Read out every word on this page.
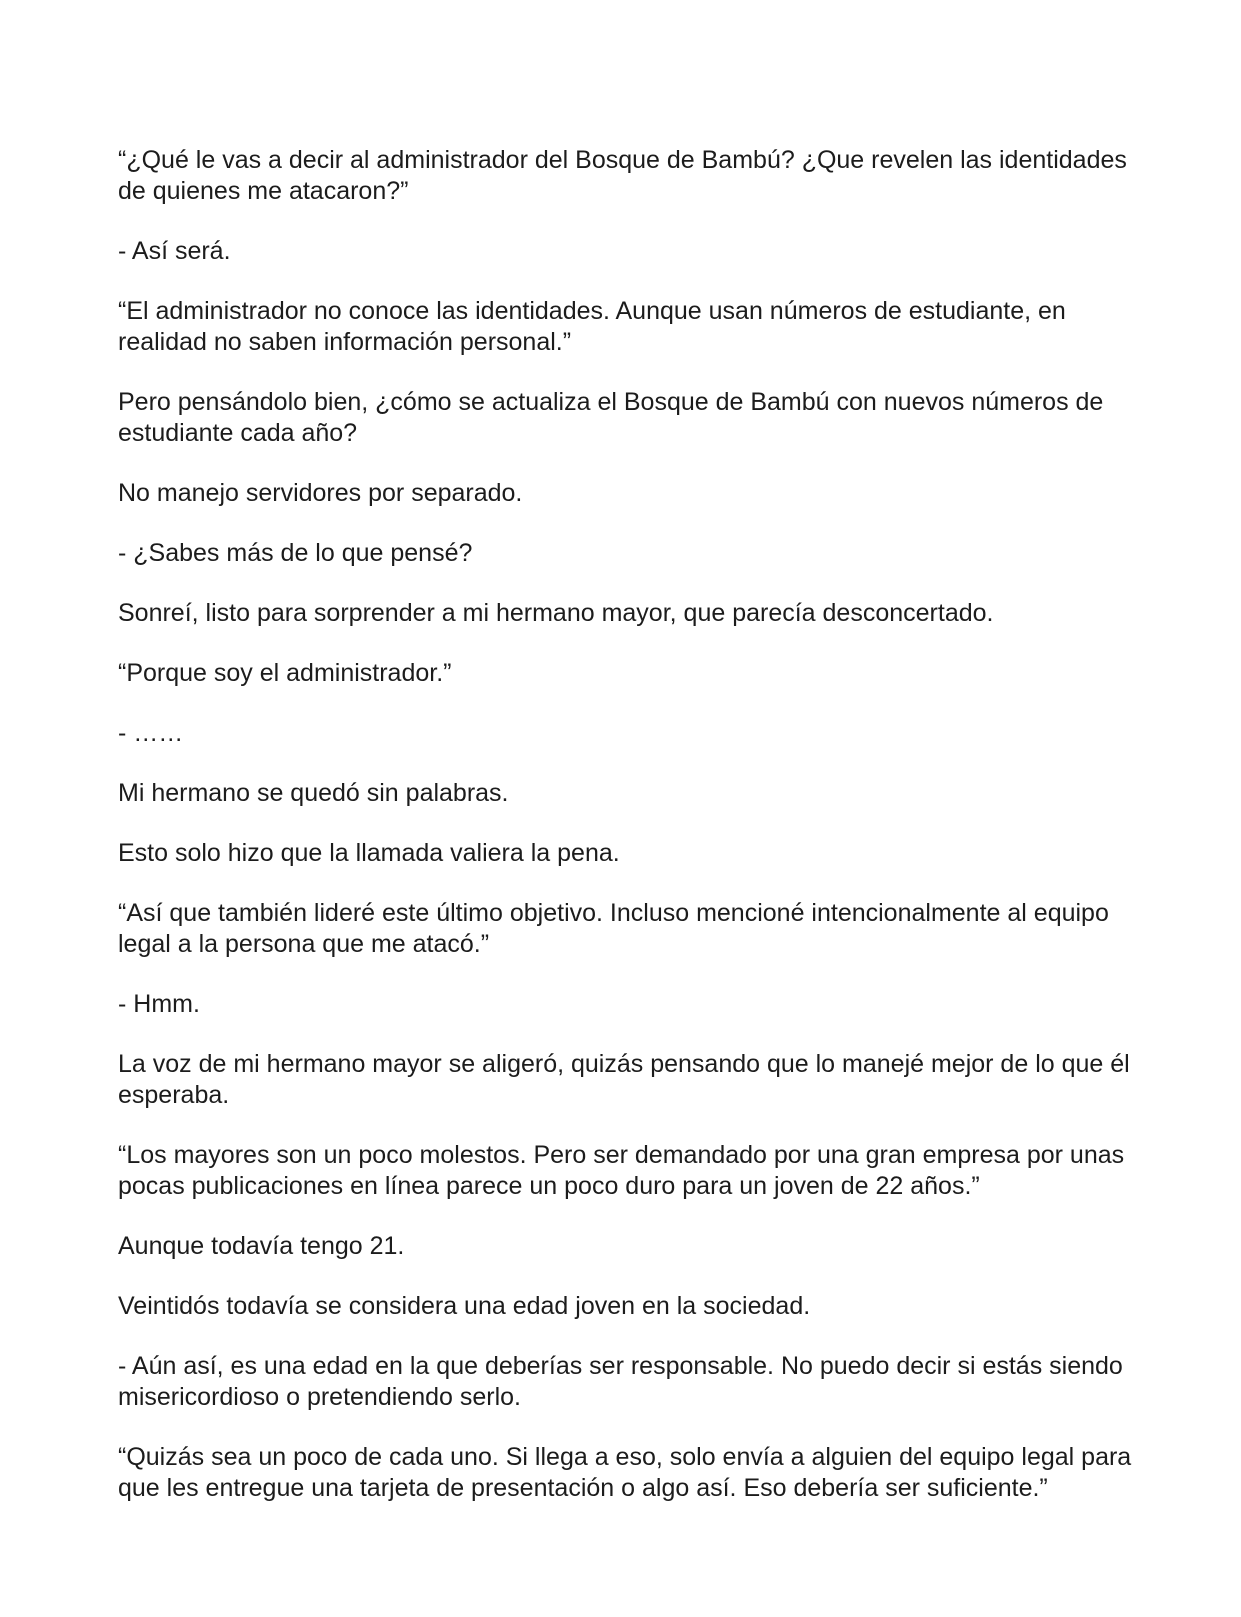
“¿Qué le vas a decir al administrador del Bosque de Bambú? ¿Que revelen las identidades de quienes me atacaron?”

- Así será.

“El administrador no conoce las identidades. Aunque usan números de estudiante, en realidad no saben información personal.”

Pero pensándolo bien, ¿cómo se actualiza el Bosque de Bambú con nuevos números de estudiante cada año?

No manejo servidores por separado.

- ¿Sabes más de lo que pensé?

Sonreí, listo para sorprender a mi hermano mayor, que parecía desconcertado.

“Porque soy el administrador.”

- ……

Mi hermano se quedó sin palabras.

Esto solo hizo que la llamada valiera la pena.

“Así que también lideré este último objetivo. Incluso mencioné intencionalmente al equipo legal a la persona que me atacó.”

- Hmm.

La voz de mi hermano mayor se aligeró, quizás pensando que lo manejé mejor de lo que él esperaba.

“Los mayores son un poco molestos. Pero ser demandado por una gran empresa por unas pocas publicaciones en línea parece un poco duro para un joven de 22 años.”

Aunque todavía tengo 21.

Veintidós todavía se considera una edad joven en la sociedad.

- Aún así, es una edad en la que deberías ser responsable. No puedo decir si estás siendo misericordioso o pretendiendo serlo.

“Quizás sea un poco de cada uno. Si llega a eso, solo envía a alguien del equipo legal para que les entregue una tarjeta de presentación o algo así. Eso debería ser suficiente.”
